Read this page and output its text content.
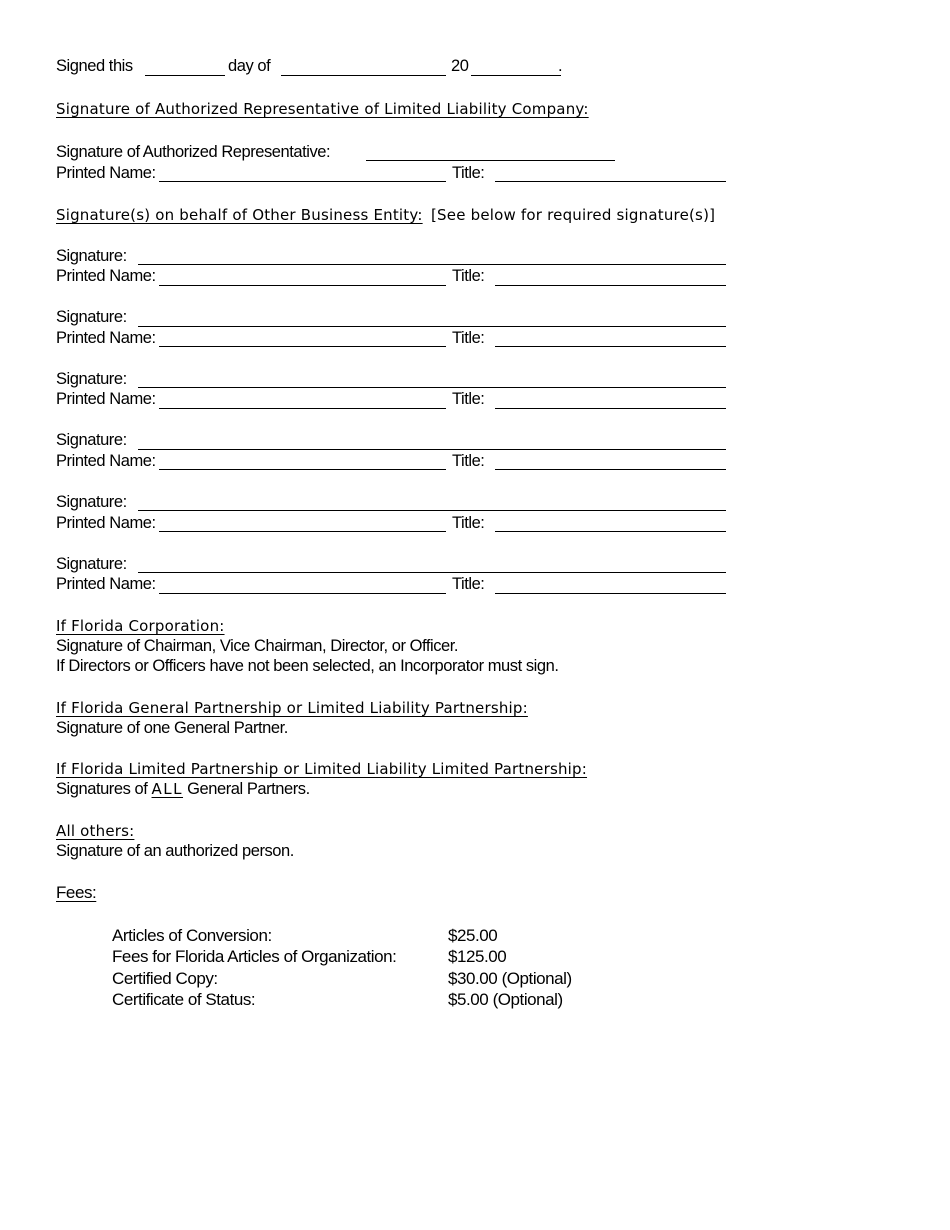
Signed this	day of	20	.
Signature of Authorized Representative of Limited Liability Company:
Signature of Authorized Representative:
Printed Name:	Title:
Signature(s) on behalf of Other Business Entity: [See below for required signature(s)]
Signature:
Printed Name:	Title:
Signature:
Printed Name:	Title:
Signature:
Printed Name:	Title:
Signature:
Printed Name:	Title:
Signature:
Printed Name:	Title:
Signature:
Printed Name:	Title:
If Florida Corporation:
Signature of Chairman, Vice Chairman, Director, or Officer.
If Directors or Officers have not been selected, an Incorporator must sign.
If Florida General Partnership or Limited Liability Partnership:
Signature of one General Partner.
If Florida Limited Partnership or Limited Liability Limited Partnership:
Signatures of ALL General Partners.
All others:
Signature of an authorized person.
Fees:
Articles of Conversion:	$25.00
Fees for Florida Articles of Organization:	$125.00
Certified Copy:	$30.00 (Optional)
Certificate of Status:	$5.00 (Optional)
